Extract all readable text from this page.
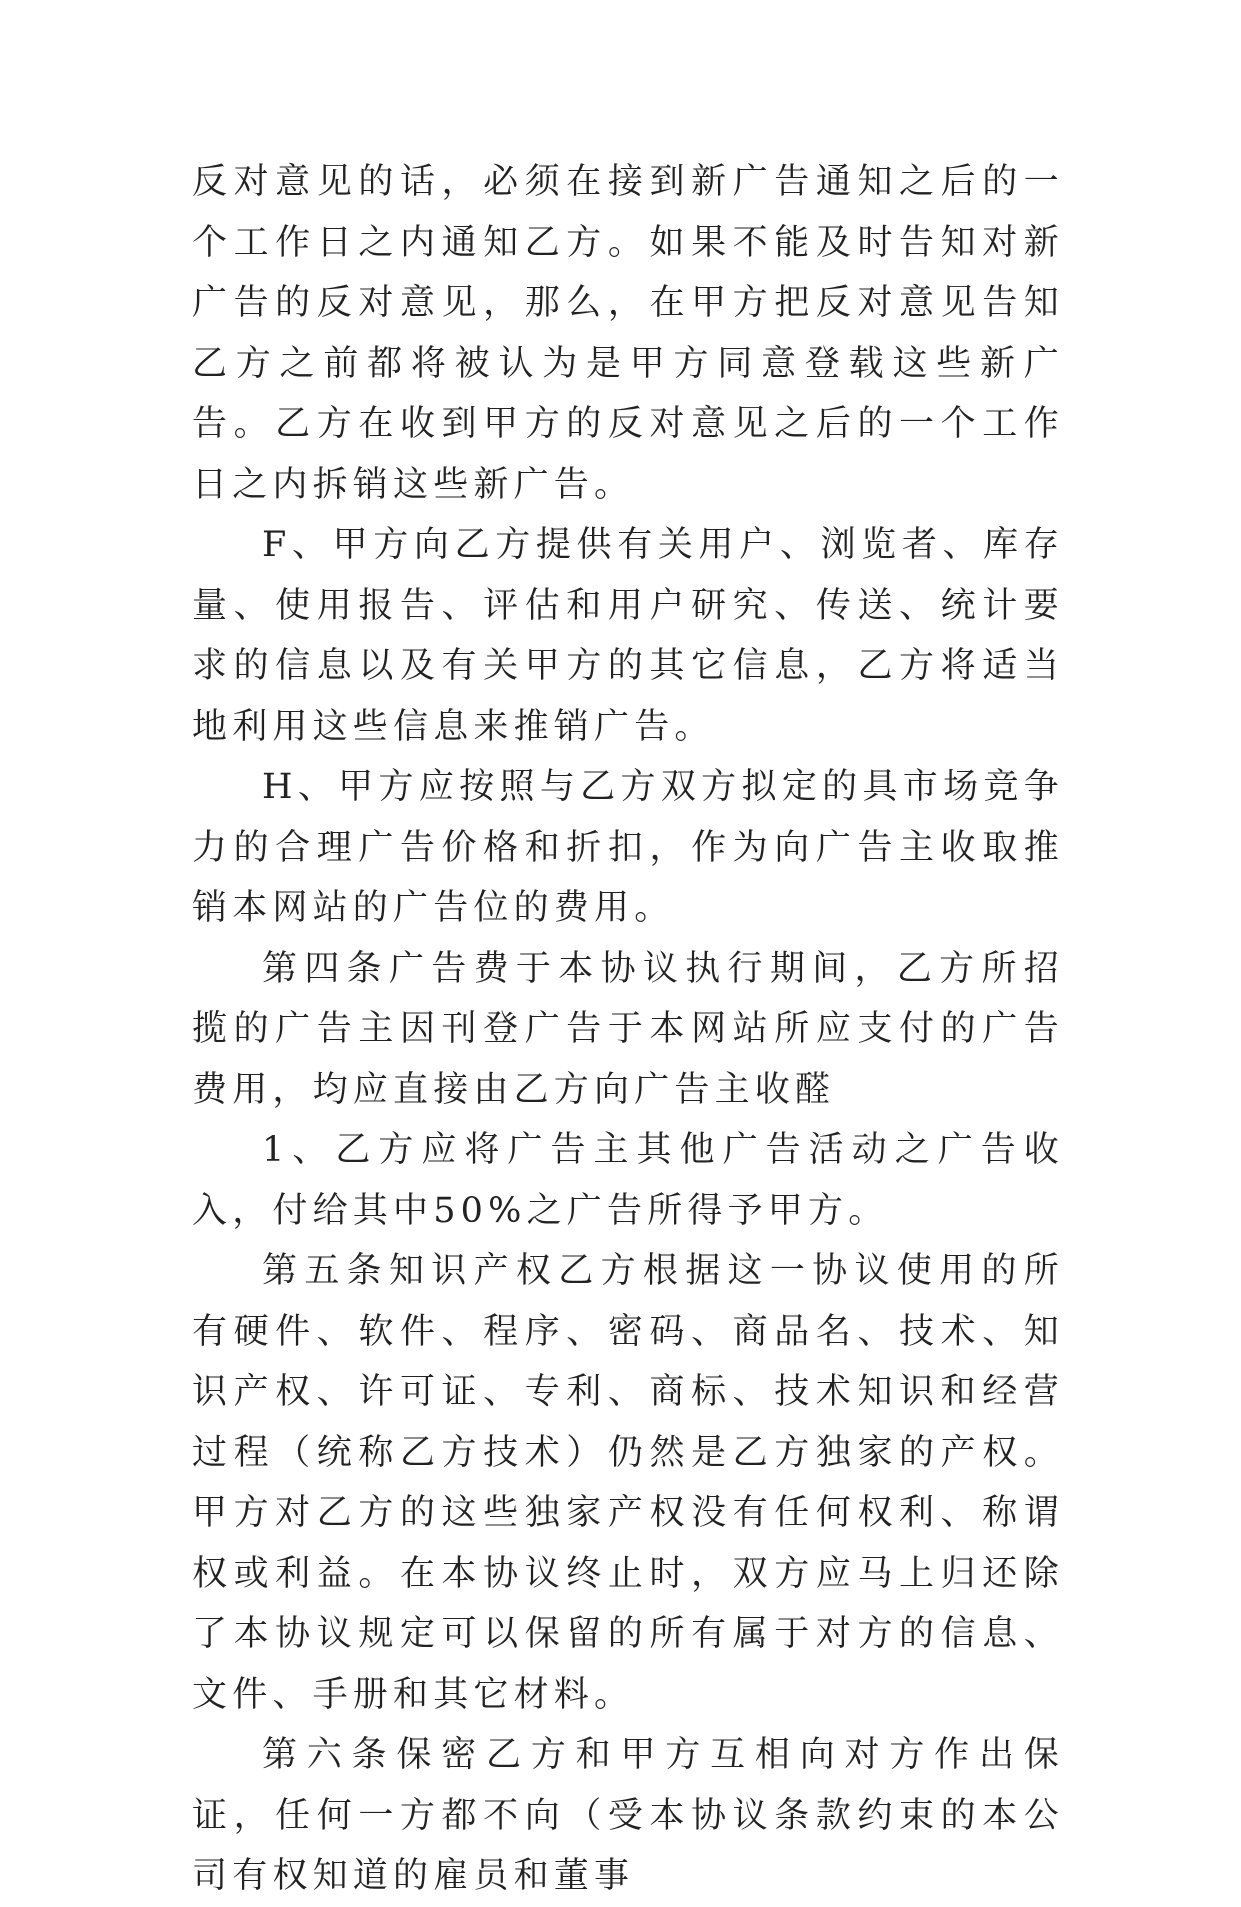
反对意见的话，必须在接到新广告通知之后的一个工作日之内通知乙方。如果不能及时告知对新广告的反对意见，那么，在甲方把反对意见告知乙方之前都将被认为是甲方同意登载这些新广告。乙方在收到甲方的反对意见之后的一个工作日之内拆销这些新广告。

F、甲方向乙方提供有关用户、浏览者、库存量、使用报告、评估和用户研究、传送、统计要求的信息以及有关甲方的其它信息，乙方将适当地利用这些信息来推销广告。

H、甲方应按照与乙方双方拟定的具市场竞争力的合理广告价格和折扣，作为向广告主收取推销本网站的广告位的费用。

第四条广告费于本协议执行期间，乙方所招揽的广告主因刊登广告于本网站所应支付的广告费用，均应直接由乙方向广告主收醛

1、乙方应将广告主其他广告活动之广告收入，付给其中50%之广告所得予甲方。

第五条知识产权乙方根据这一协议使用的所有硬件、软件、程序、密码、商品名、技术、知识产权、许可证、专利、商标、技术知识和经营过程（统称乙方技术）仍然是乙方独家的产权。甲方对乙方的这些独家产权没有任何权利、称谓权或利益。在本协议终止时，双方应马上归还除了本协议规定可以保留的所有属于对方的信息、文件、手册和其它材料。

第六条保密乙方和甲方互相向对方作出保证，任何一方都不向（受本协议条款约束的本公司有权知道的雇员和董事
